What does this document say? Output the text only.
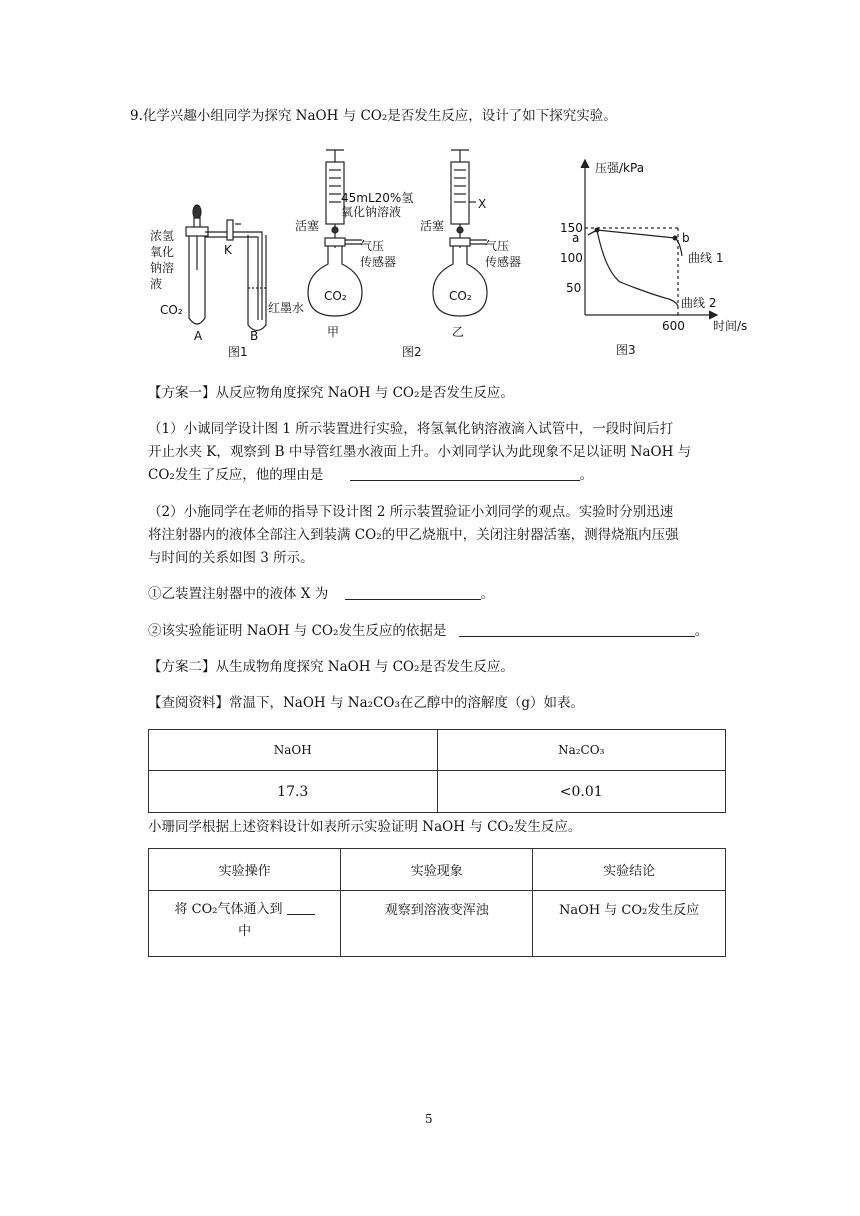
9.化学兴趣小组同学为探究 NaOH 与 CO₂是否发生反应，设计了如下探究实验。
浓氢
氧化
钠溶
液
CO₂
K
A	B
红墨水
图1
45mL20%氢
氧化钠溶液
活塞
气压
传感器
CO₂
甲
X
活塞
气压
传感器
CO₂
乙
图2
压强/kPa
150
100
50
a	b
曲线 1
曲线 2
600 时间/s
图3
【方案一】从反应物角度探究 NaOH 与 CO₂是否发生反应。
（1）小诚同学设计图 1 所示装置进行实验，将氢氧化钠溶液滴入试管中，一段时间后打
开止水夹 K，观察到 B 中导管红墨水液面上升。小刘同学认为此现象不足以证明 NaOH 与
CO₂发生了反应，他的理由是	。
（2）小施同学在老师的指导下设计图 2 所示装置验证小刘同学的观点。实验时分别迅速
将注射器内的液体全部注入到装满 CO₂的甲乙烧瓶中，关闭注射器活塞，测得烧瓶内压强
与时间的关系如图 3 所示。
①乙装置注射器中的液体 X 为	。
②该实验能证明 NaOH 与 CO₂发生反应的依据是	。
【方案二】从生成物角度探究 NaOH 与 CO₂是否发生反应。
【查阅资料】常温下，NaOH 与 Na₂CO₃在乙醇中的溶解度（g）如表。
NaOH	Na₂CO₃
17.3	<0.01
小珊同学根据上述资料设计如表所示实验证明 NaOH 与 CO₂发生反应。
实验操作	实验现象	实验结论

将 CO₂气体通入到
中	观察到溶液变浑浊	NaOH 与 CO₂发生反应
5
